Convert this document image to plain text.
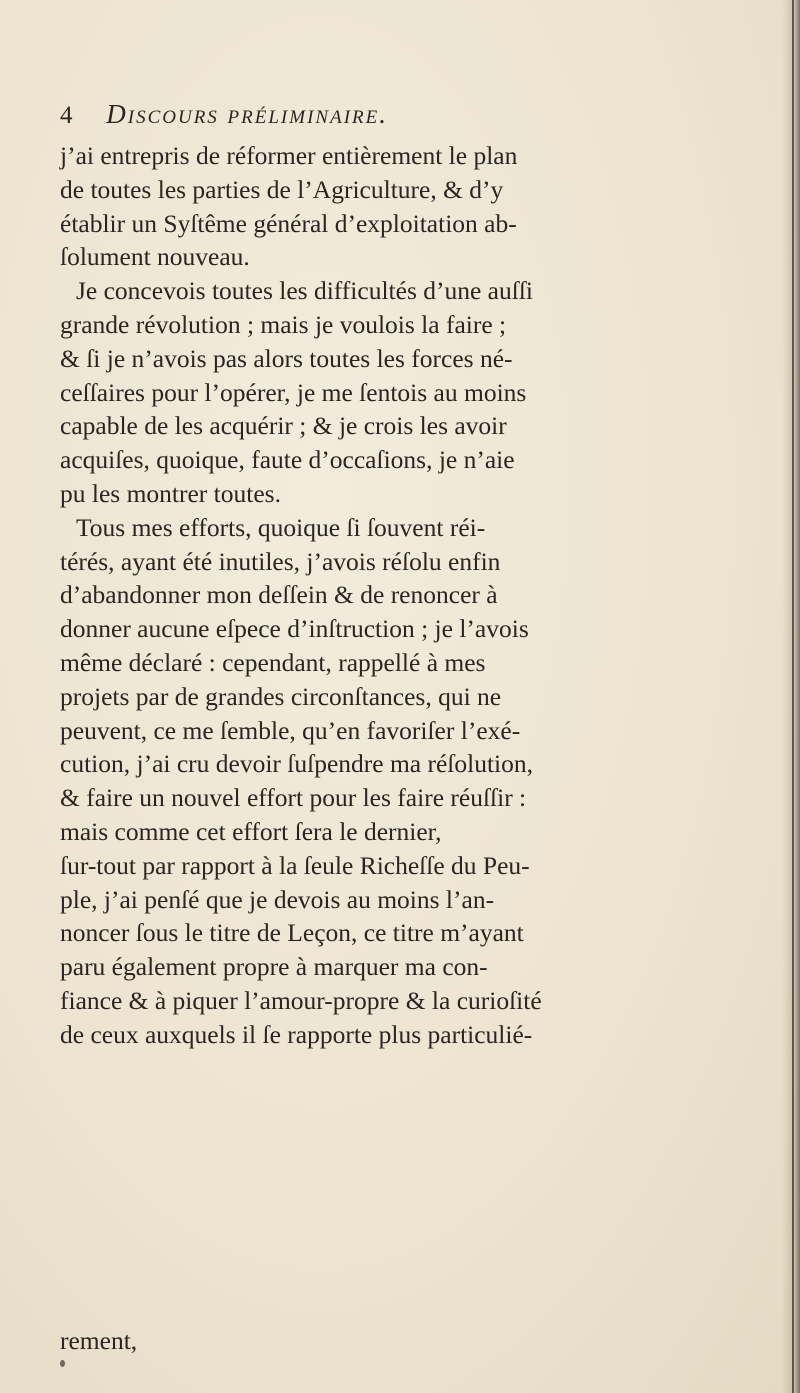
4 Discours préliminaire.
j’ai entrepris de réformer entièrement le plan
de toutes les parties de l’Agriculture, & d’y
établir un Syſtême général d’exploitation ab-
ſolument nouveau.
Je concevois toutes les difficultés d’une auſſi
grande révolution ; mais je voulois la faire ;
& ſi je n’avois pas alors toutes les forces né-
ceſſaires pour l’opérer, je me ſentois au moins
capable de les acquérir ; & je crois les avoir
acquiſes, quoique, faute d’occaſions, je n’aie
pu les montrer toutes.
Tous mes efforts, quoique ſi ſouvent réi-
térés, ayant été inutiles, j’avois réſolu enfin
d’abandonner mon deſſein & de renoncer à
donner aucune eſpece d’inſtruction ; je l’avois
même déclaré : cependant, rappellé à mes
projets par de grandes circonſtances, qui ne
peuvent, ce me ſemble, qu’en favoriſer l’exé-
cution, j’ai cru devoir ſuſpendre ma réſolution,
& faire un nouvel effort pour les faire réuſſir :
mais comme cet effort ſera le dernier,
ſur-tout par rapport à la ſeule Richeſſe du Peu-
ple, j’ai penſé que je devois au moins l’an-
noncer ſous le titre de Leçon, ce titre m’ayant
paru également propre à marquer ma con-
fiance & à piquer l’amour-propre & la curioſité
de ceux auxquels il ſe rapporte plus particulié-
rement,
